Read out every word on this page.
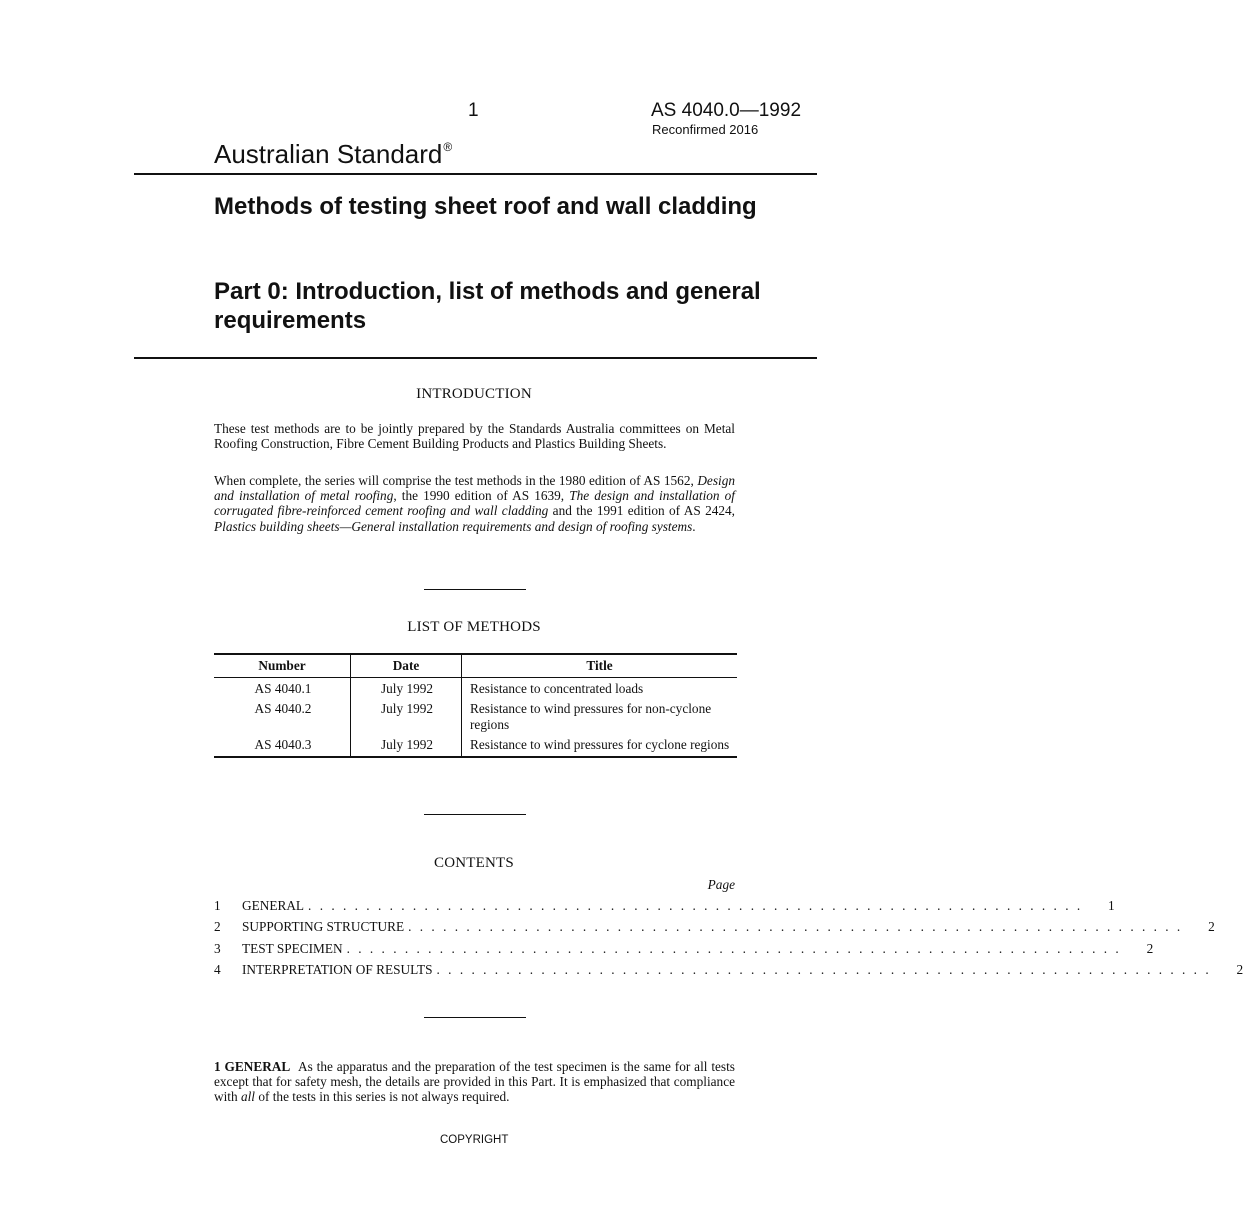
1	AS 4040.0—1992
Reconfirmed 2016
Australian Standard®
Methods of testing sheet roof and wall cladding
Part 0: Introduction, list of methods and general requirements
INTRODUCTION
These test methods are to be jointly prepared by the Standards Australia committees on Metal Roofing Construction, Fibre Cement Building Products and Plastics Building Sheets.
When complete, the series will comprise the test methods in the 1980 edition of AS 1562, Design and installation of metal roofing, the 1990 edition of AS 1639, The design and installation of corrugated fibre-reinforced cement roofing and wall cladding and the 1991 edition of AS 2424, Plastics building sheets—General installation requirements and design of roofing systems.
LIST OF METHODS
Number	Date	Title
AS 4040.1	July 1992	Resistance to concentrated loads
AS 4040.2	July 1992	Resistance to wind pressures for non-cyclone regions
AS 4040.3	July 1992	Resistance to wind pressures for cyclone regions
CONTENTS
Page
1	GENERAL . . . . . . . . . . . . . . . . . . . . . . . . . . . . . . . . . . . . . . . . . . . . . . . . . . . . . . . . . . . . . . . . . . .	1
2	SUPPORTING STRUCTURE . . . . . . . . . . . . . . . . . . . . . . . . . . . . . . . . . . . . . . . . . . . . . . . . . . . . . . . . . . . . . . . . . . .	2
3	TEST SPECIMEN . . . . . . . . . . . . . . . . . . . . . . . . . . . . . . . . . . . . . . . . . . . . . . . . . . . . . . . . . . . . . . . . . . .	2
4	INTERPRETATION OF RESULTS . . . . . . . . . . . . . . . . . . . . . . . . . . . . . . . . . . . . . . . . . . . . . . . . . . . . . . . . . . . . . . . . . . .	2
1 GENERAL As the apparatus and the preparation of the test specimen is the same for all tests except that for safety mesh, the details are provided in this Part. It is emphasized that compliance with all of the tests in this series is not always required.
COPYRIGHT
